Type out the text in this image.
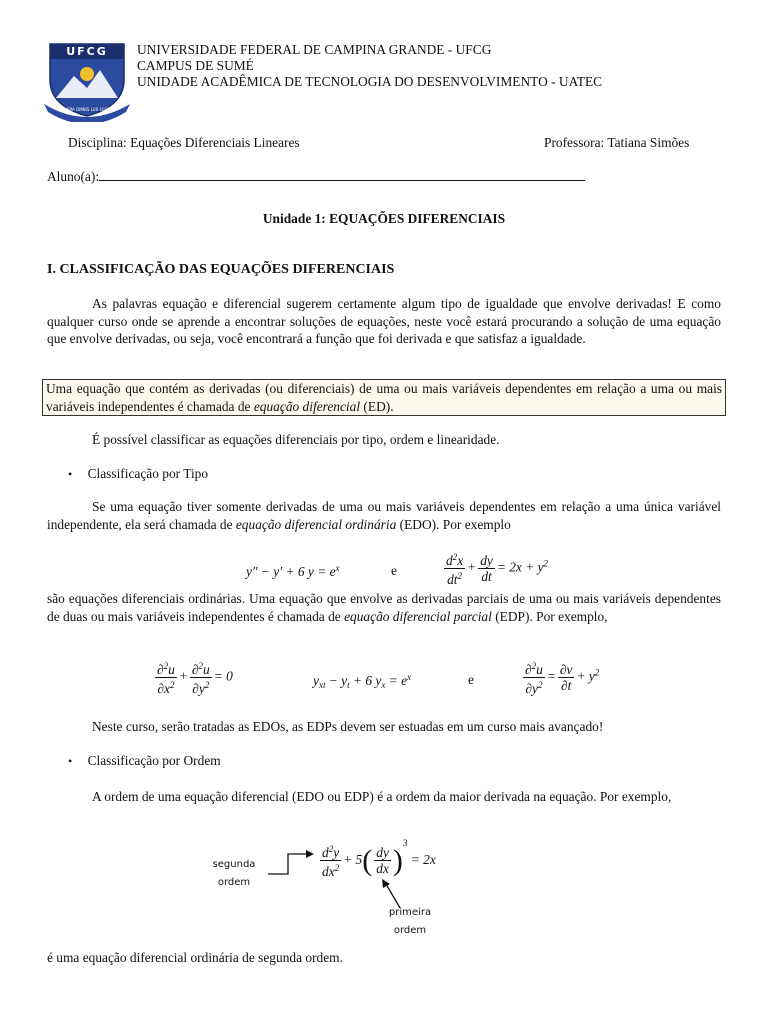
UFCG
SUPRA OMNIS LUX LUCES
UNIVERSIDADE FEDERAL DE CAMPINA GRANDE - UFCG
CAMPUS DE SUMÉ
UNIDADE ACADÊMICA DE TECNOLOGIA DO DESENVOLVIMENTO - UATEC
Disciplina: Equações Diferenciais Lineares	Professora: Tatiana Simões
Aluno(a):
Unidade 1: EQUAÇÕES DIFERENCIAIS
I. CLASSIFICAÇÃO DAS EQUAÇÕES DIFERENCIAIS
As palavras equação e diferencial sugerem certamente algum tipo de igualdade que envolve derivadas! E como qualquer curso onde se aprende a encontrar soluções de equações, neste você estará procurando a solução de uma equação que envolve derivadas, ou seja, você encontrará a função que foi derivada e que satisfaz a igualdade.
Uma equação que contém as derivadas (ou diferenciais) de uma ou mais variáveis dependentes em relação a uma ou mais variáveis independentes é chamada de equação diferencial (ED).
É possível classificar as equações diferenciais por tipo, ordem e linearidade.
• Classificação por Tipo
Se uma equação tiver somente derivadas de uma ou mais variáveis dependentes em relação a uma única variável independente, ela será chamada de equação diferencial ordinária (EDO). Por exemplo
y″ − y′ + 6 $y = e^x$	e	$\frac{d^2x}{dt^2} + \frac{dy}{dt} = 2x + y^2$
são equações diferenciais ordinárias. Uma equação que envolve as derivadas parciais de uma ou mais variáveis dependentes de duas ou mais variáveis independentes é chamada de equação diferencial parcial (EDP). Por exemplo,
$\frac{\partial^2u}{\partial x^2} + \frac{\partial^2u}{\partial y^2} = 0$	$y_{xt} - y_t + 6$ $y_x = e^x$	e	$\frac{\partial^2u}{\partial y^2} = \frac{\partial v}{\partial t} + y^2$
Neste curso, serão tratadas as EDOs, as EDPs devem ser estuadas em um curso mais avançado!
• Classificação por Ordem
A ordem de uma equação diferencial (EDO ou EDP) é a ordem da maior derivada na equação. Por exemplo,
segunda
ordem
$\frac{d^2y}{dx^2} + 5( \frac{dy}{dx} )^3 = 2x$
primeira
ordem
é uma equação diferencial ordinária de segunda ordem.
